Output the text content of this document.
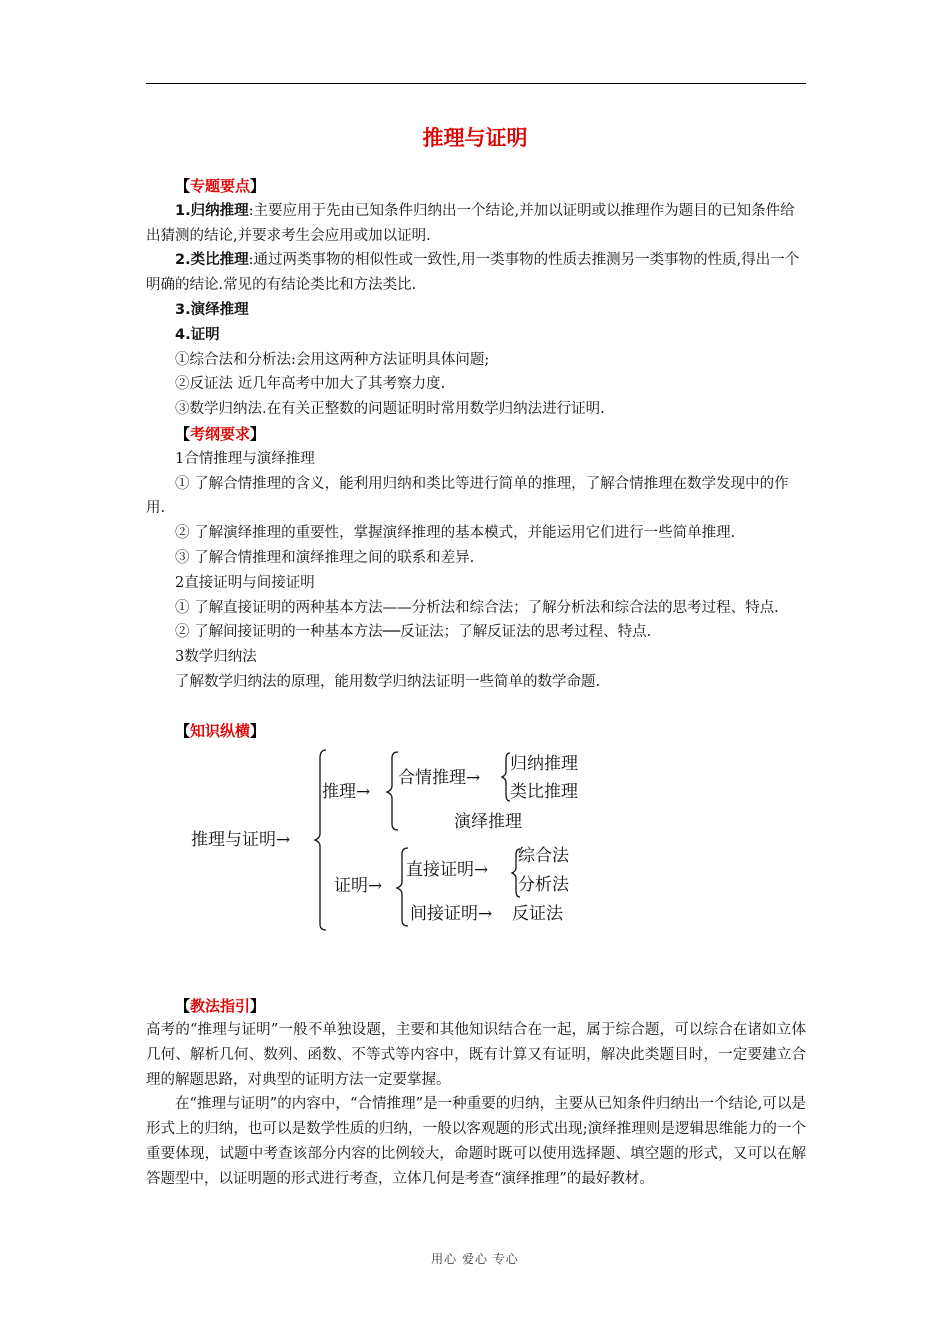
推理与证明

【专题要点】

1.归纳推理:主要应用于先由已知条件归纳出一个结论,并加以证明或以推理作为题目的已知条件给出猜测的结论,并要求考生会应用或加以证明.

2.类比推理:通过两类事物的相似性或一致性,用一类事物的性质去推测另一类事物的性质,得出一个明确的结论.常见的有结论类比和方法类比.

3.演绎推理

4.证明

①综合法和分析法:会用这两种方法证明具体问题;

②反证法 近几年高考中加大了其考察力度.

③数学归纳法.在有关正整数的问题证明时常用数学归纳法进行证明.

【考纲要求】

1合情推理与演绎推理

① 了解合情推理的含义，能利用归纳和类比等进行简单的推理，了解合情推理在数学发现中的作用.

② 了解演绎推理的重要性，掌握演绎推理的基本模式，并能运用它们进行一些简单推理.

③ 了解合情推理和演绎推理之间的联系和差异.

2直接证明与间接证明

① 了解直接证明的两种基本方法——分析法和综合法；了解分析法和综合法的思考过程、特点.

② 了解间接证明的一种基本方法──反证法；了解反证法的思考过程、特点.

3数学归纳法

了解数学归纳法的原理，能用数学归纳法证明一些简单的数学命题.

【知识纵横】

推理与证明→
推理→
合情推理→
归纳推理
类比推理
演绎推理
证明→
直接证明→
综合法
分析法
间接证明→ 反证法

【教法指引】

高考的“推理与证明”一般不单独设题，主要和其他知识结合在一起，属于综合题，可以综合在诸如立体几何、解析几何、数列、函数、不等式等内容中，既有计算又有证明，解决此类题目时，一定要建立合理的解题思路，对典型的证明方法一定要掌握。

在“推理与证明”的内容中，“合情推理”是一种重要的归纳，主要从已知条件归纳出一个结论,可以是形式上的归纳，也可以是数学性质的归纳，一般以客观题的形式出现;演绎推理则是逻辑思维能力的一个重要体现，试题中考查该部分内容的比例较大，命题时既可以使用选择题、填空题的形式，又可以在解答题型中，以证明题的形式进行考查，立体几何是考查“演绎推理”的最好教材。

用心 爱心 专心
